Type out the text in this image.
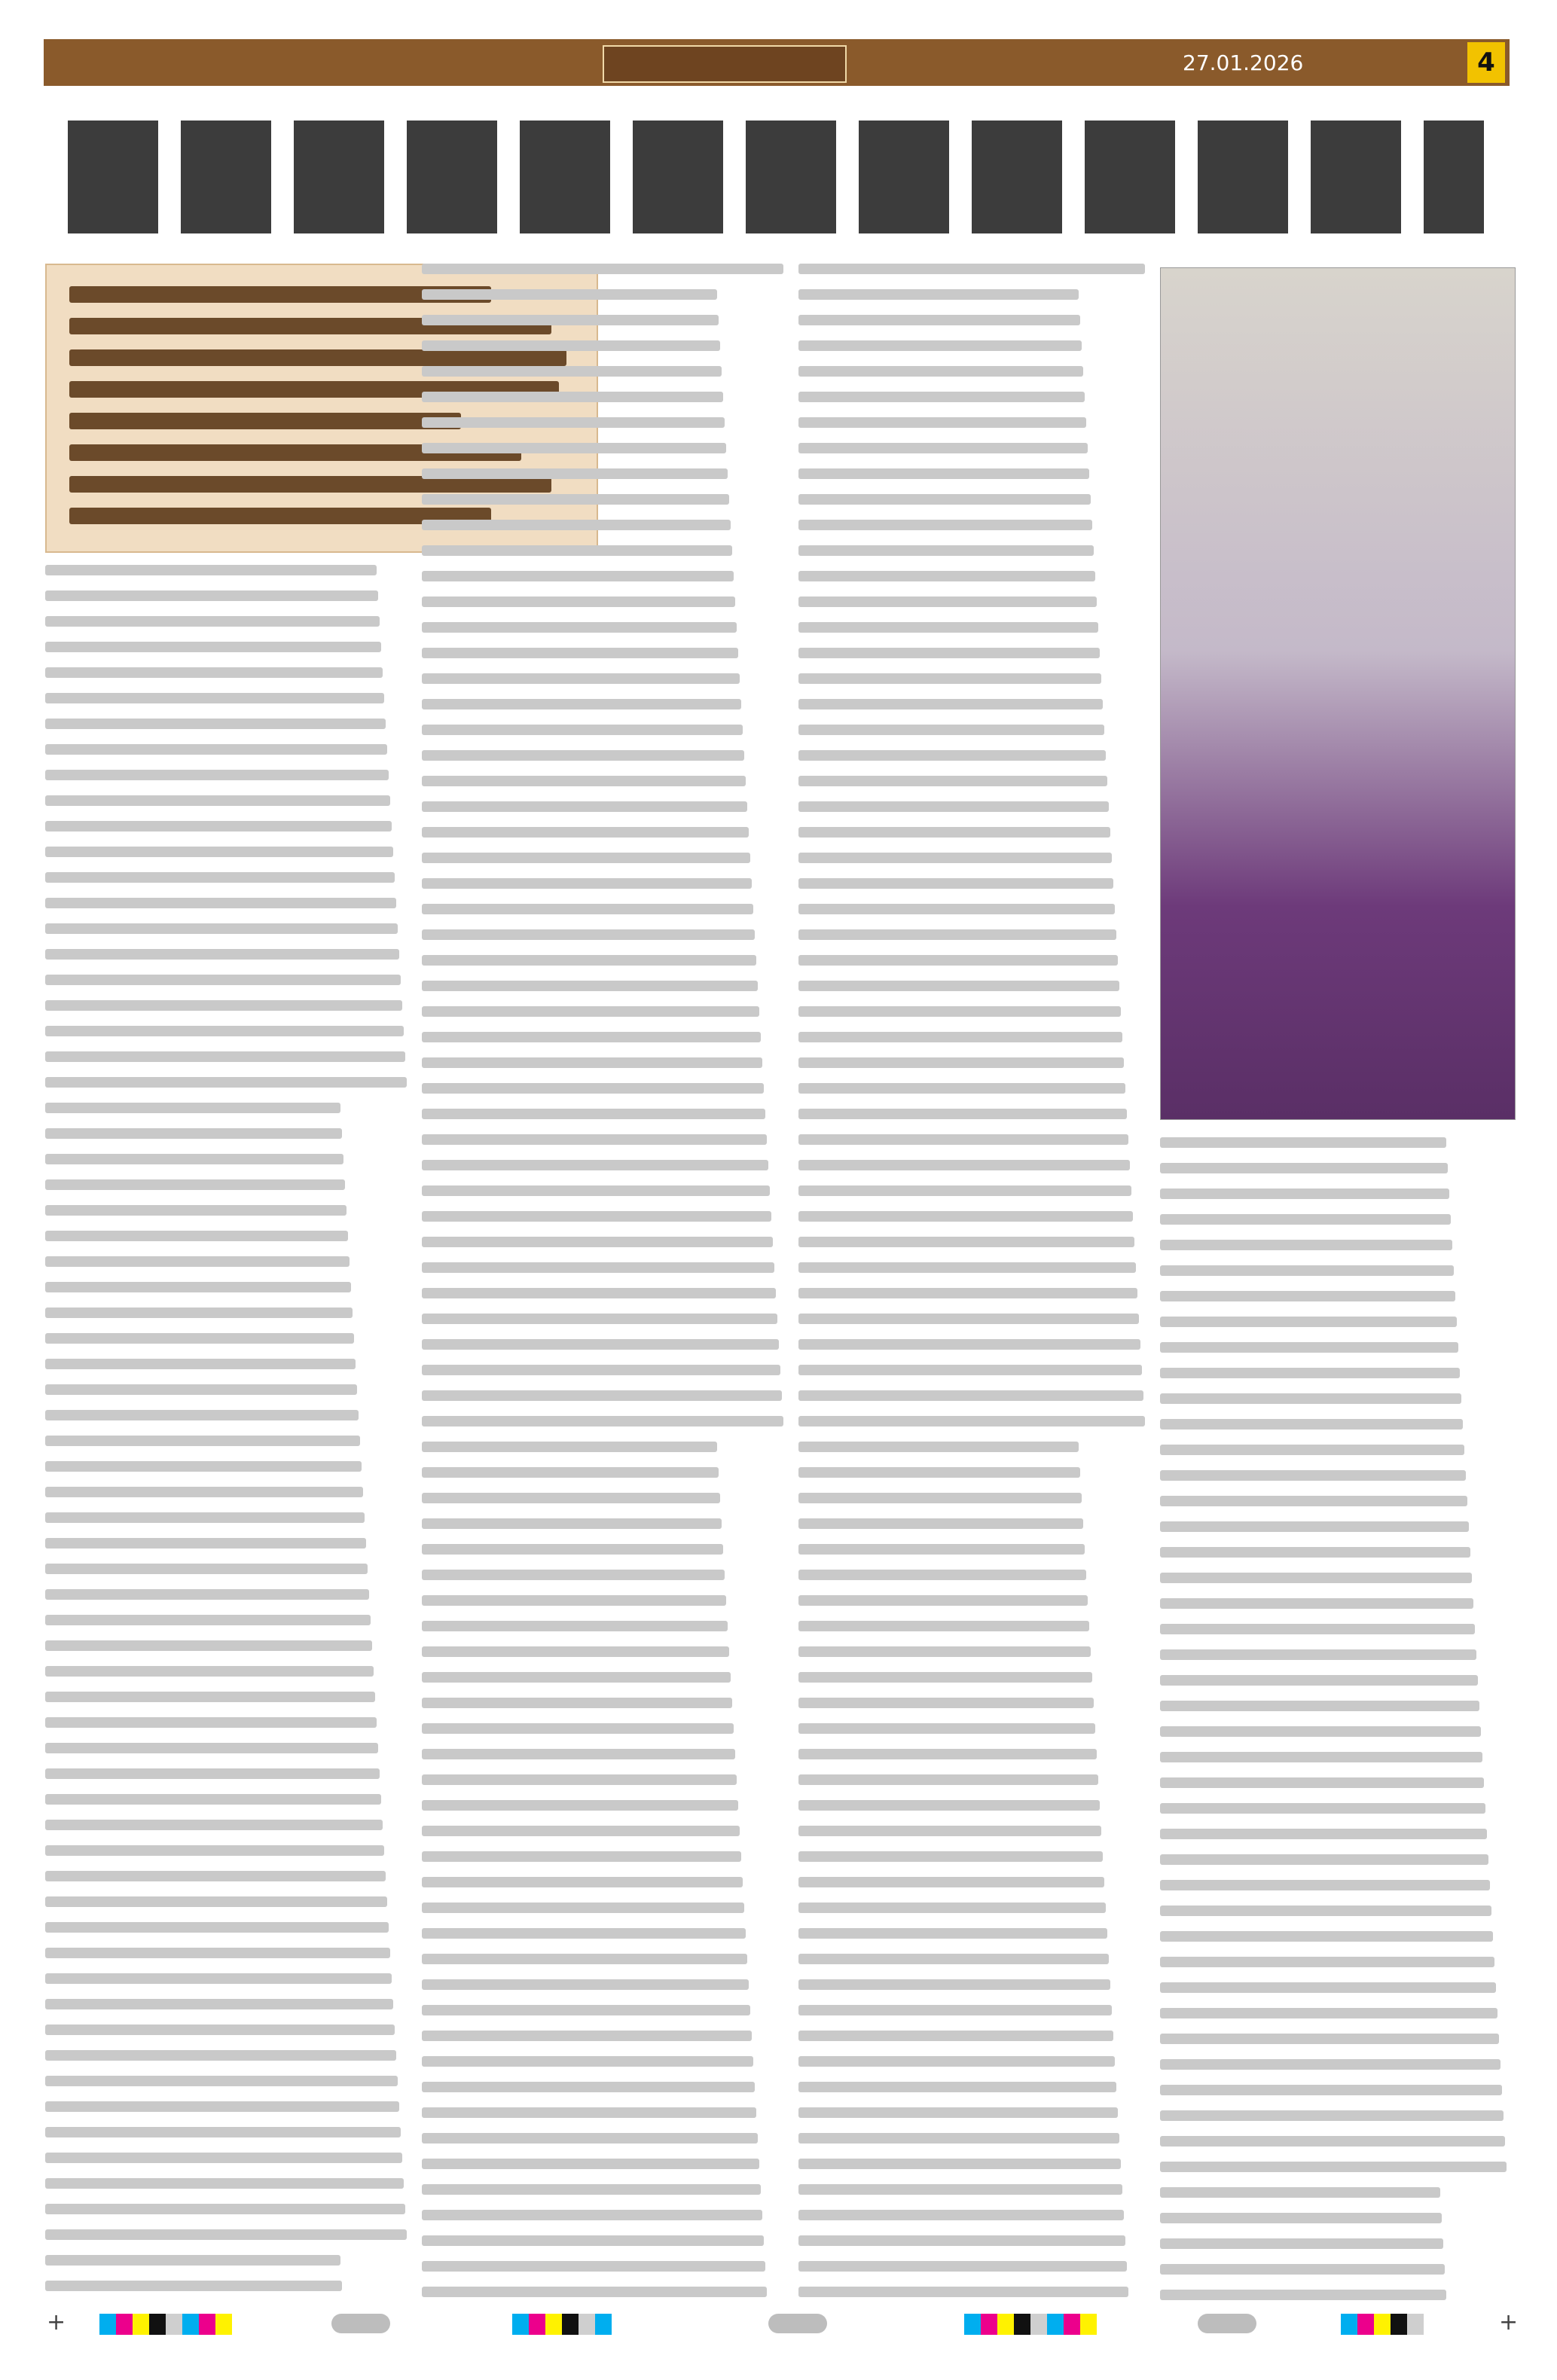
27.01.2026	4
+	+
